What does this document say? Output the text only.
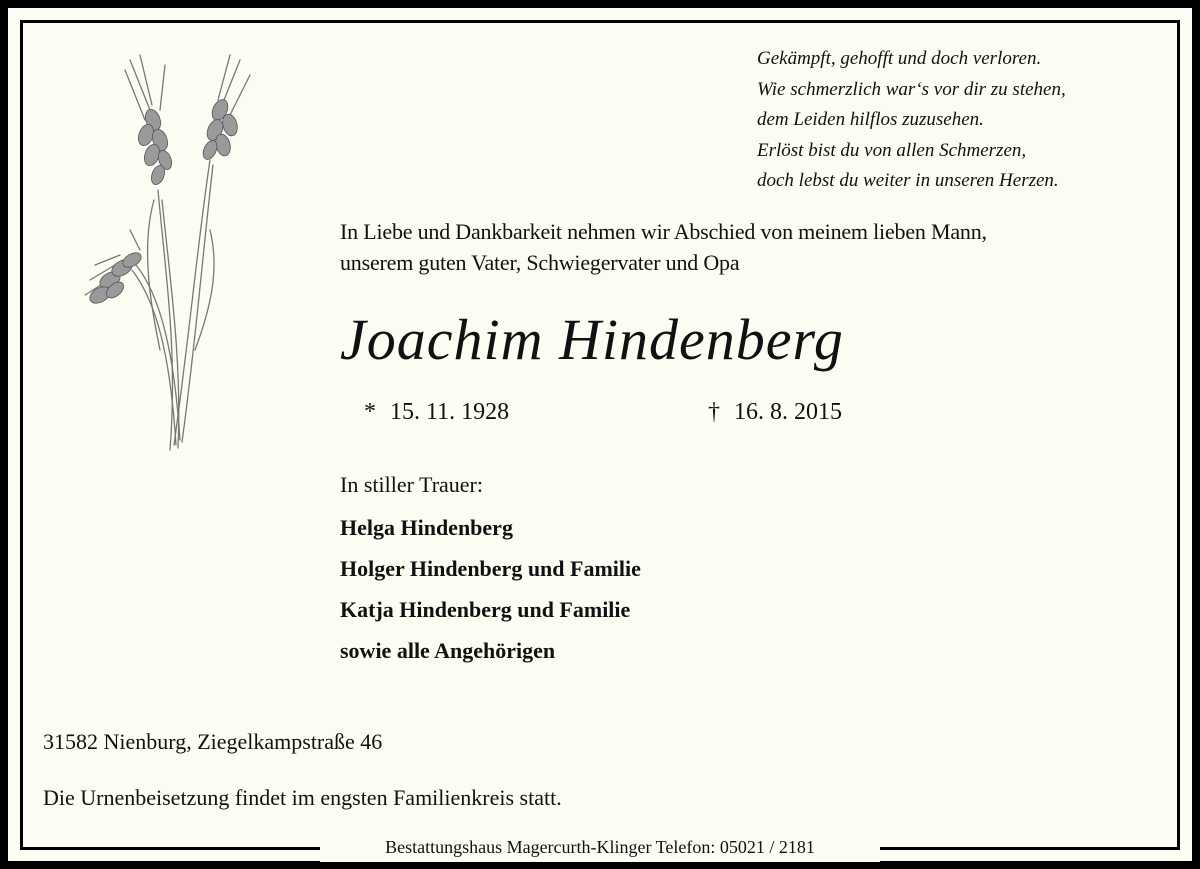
Gekämpft, gehofft und doch verloren.
Wie schmerzlich war‘s vor dir zu stehen,
dem Leiden hilflos zuzusehen.
Erlöst bist du von allen Schmerzen,
doch lebst du weiter in unseren Herzen.
In Liebe und Dankbarkeit nehmen wir Abschied von meinem lieben Mann,
unserem guten Vater, Schwiegervater und Opa
Joachim Hindenberg
* 15. 11. 1928	† 16. 8. 2015
In stiller Trauer:
Helga Hindenberg
Holger Hindenberg und Familie
Katja Hindenberg und Familie
sowie alle Angehörigen
31582 Nienburg, Ziegelkampstraße 46
Die Urnenbeisetzung findet im engsten Familienkreis statt.
Bestattungshaus Magercurth-Klinger Telefon: 05021 / 2181
